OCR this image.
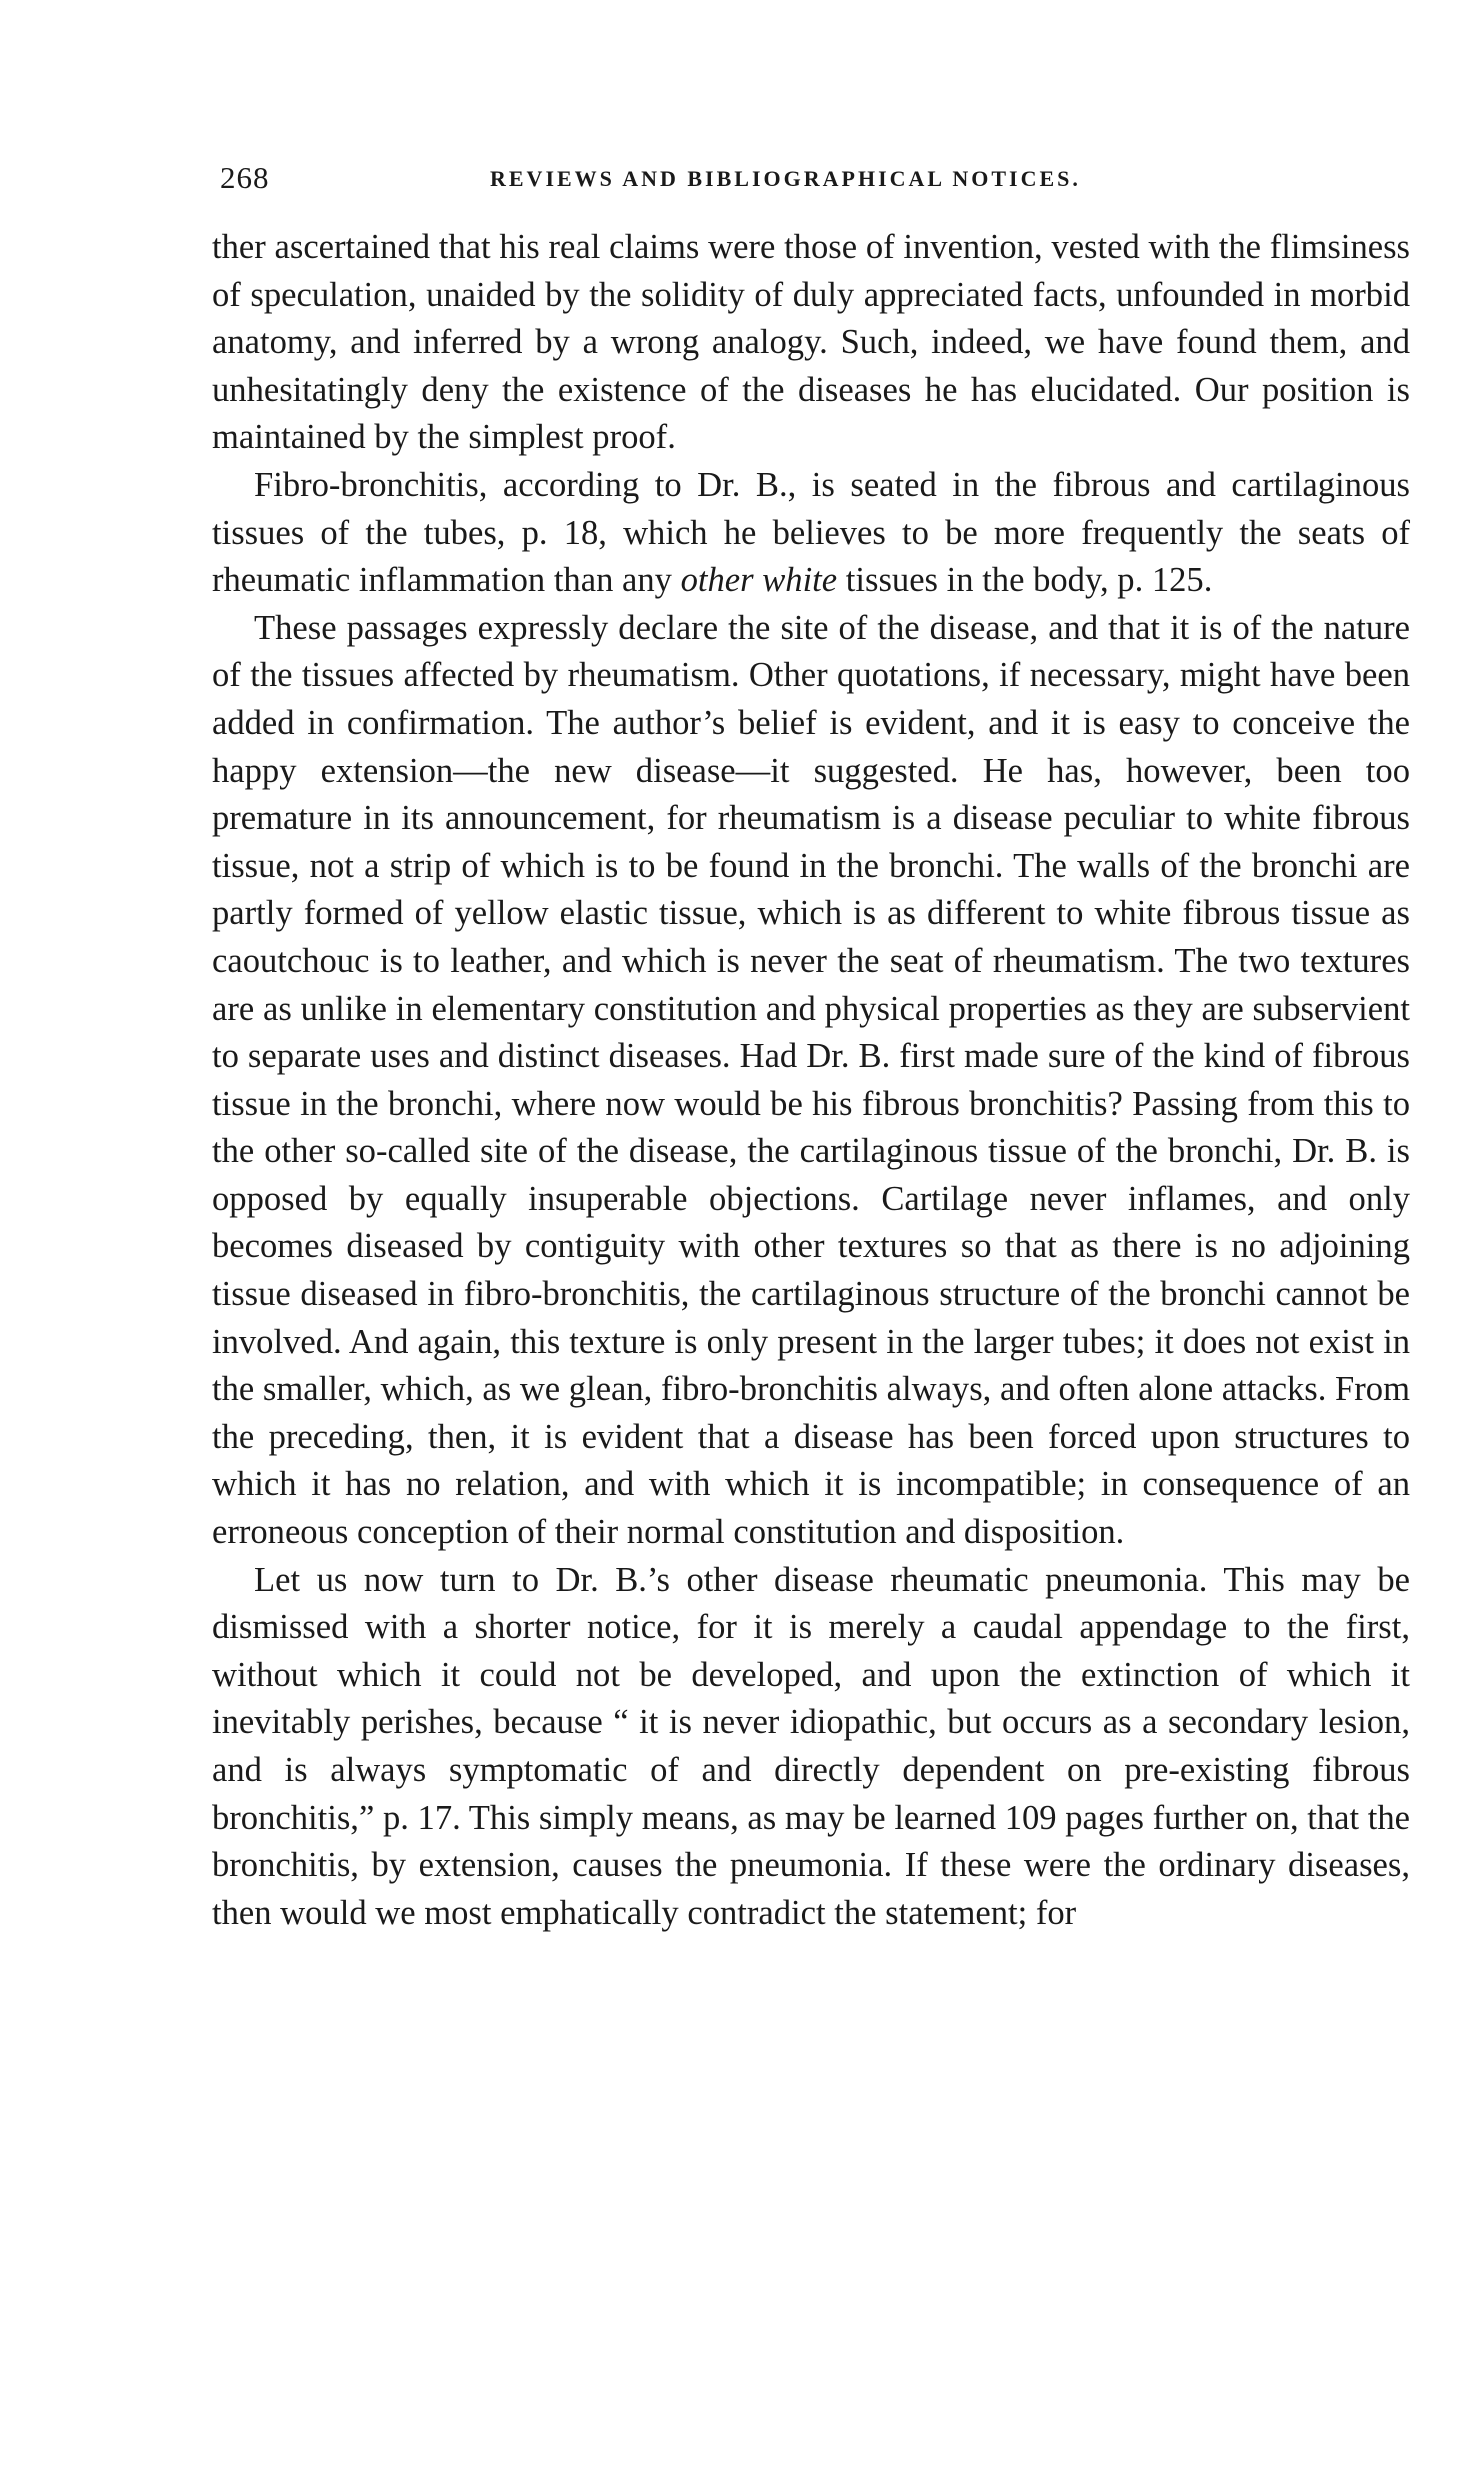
268	REVIEWS AND BIBLIOGRAPHICAL NOTICES.

ther ascertained that his real claims were those of invention, vested with the flimsiness of speculation, unaided by the solidity of duly appreciated facts, unfounded in morbid anatomy, and inferred by a wrong analogy. Such, indeed, we have found them, and unhesitatingly deny the existence of the diseases he has elucidated. Our position is maintained by the simplest proof.

Fibro-bronchitis, according to Dr. B., is seated in the fibrous and cartilaginous tissues of the tubes, p. 18, which he believes to be more frequently the seats of rheumatic inflammation than any other white tissues in the body, p. 125.

These passages expressly declare the site of the disease, and that it is of the nature of the tissues affected by rheumatism. Other quotations, if necessary, might have been added in confirmation. The author’s belief is evident, and it is easy to conceive the happy extension—the new disease—it suggested. He has, however, been too premature in its announcement, for rheumatism is a disease peculiar to white fibrous tissue, not a strip of which is to be found in the bronchi. The walls of the bronchi are partly formed of yellow elastic tissue, which is as different to white fibrous tissue as caoutchouc is to leather, and which is never the seat of rheumatism. The two textures are as unlike in elementary constitution and physical properties as they are subservient to separate uses and distinct diseases. Had Dr. B. first made sure of the kind of fibrous tissue in the bronchi, where now would be his fibrous bronchitis? Passing from this to the other so-called site of the disease, the cartilaginous tissue of the bronchi, Dr. B. is opposed by equally insuperable objections. Cartilage never inflames, and only becomes diseased by contiguity with other textures so that as there is no adjoining tissue diseased in fibro-bronchitis, the cartilaginous structure of the bronchi cannot be involved. And again, this texture is only present in the larger tubes; it does not exist in the smaller, which, as we glean, fibro-bronchitis always, and often alone attacks. From the preceding, then, it is evident that a disease has been forced upon structures to which it has no relation, and with which it is incompatible; in consequence of an erroneous conception of their normal constitution and disposition.

Let us now turn to Dr. B.’s other disease rheumatic pneumonia. This may be dismissed with a shorter notice, for it is merely a caudal appendage to the first, without which it could not be developed, and upon the extinction of which it inevitably perishes, because “ it is never idiopathic, but occurs as a secondary lesion, and is always symptomatic of and directly dependent on pre-existing fibrous bronchitis,” p. 17. This simply means, as may be learned 109 pages further on, that the bronchitis, by extension, causes the pneumonia. If these were the ordinary diseases, then would we most emphatically contradict the statement; for
